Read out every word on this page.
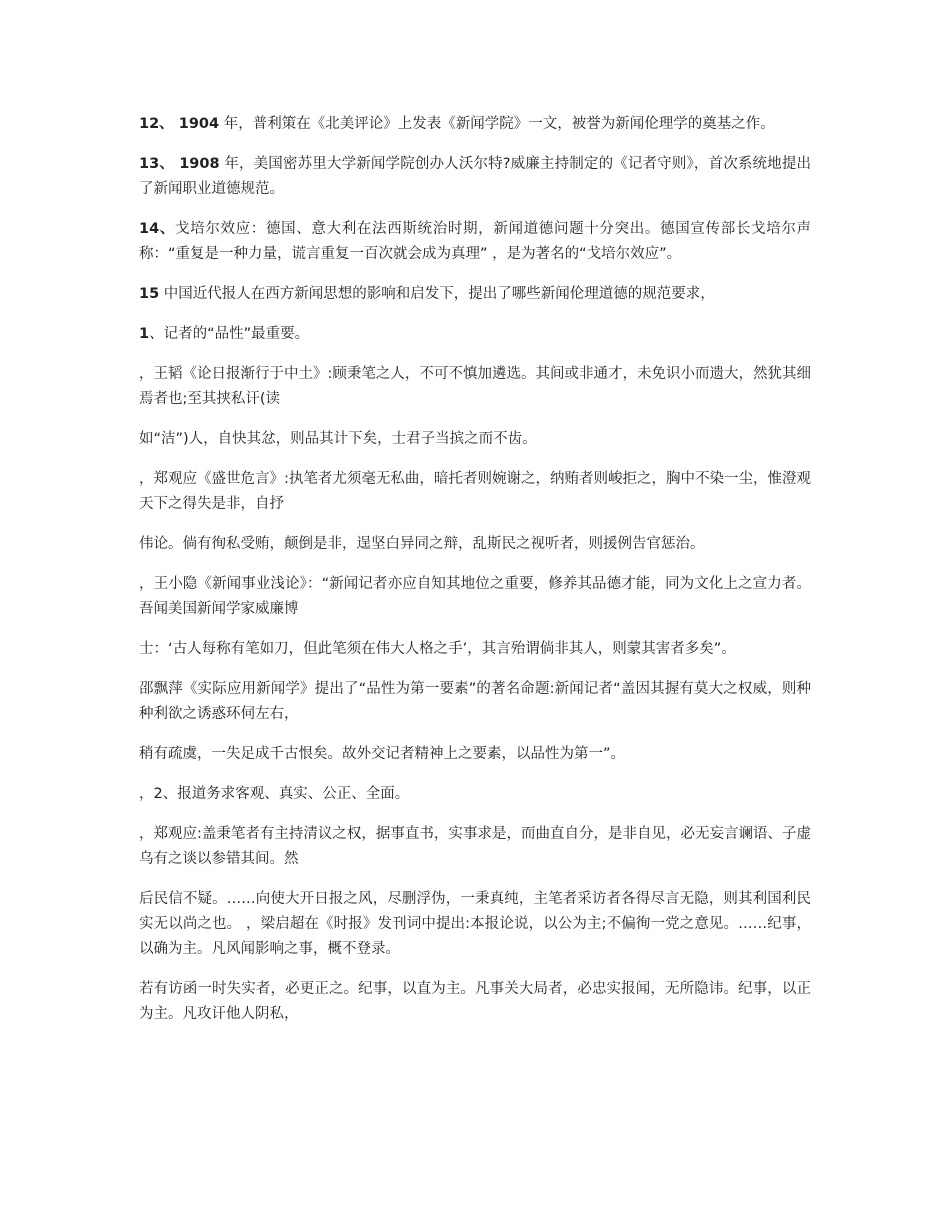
12、 1904 年，普利策在《北美评论》上发表《新闻学院》一文，被誉为新闻伦理学的奠基之作。

13、 1908 年，美国密苏里大学新闻学院创办人沃尔特?威廉主持制定的《记者守则》，首次系统地提出了新闻职业道德规范。

14、戈培尔效应：德国、意大利在法西斯统治时期，新闻道德问题十分突出。德国宣传部长戈培尔声称：“重复是一种力量，谎言重复一百次就会成为真理” ，是为著名的“戈培尔效应”。

15 中国近代报人在西方新闻思想的影响和启发下，提出了哪些新闻伦理道德的规范要求，

1、记者的“品性”最重要。

，王韬《论日报渐行于中土》:顾秉笔之人，不可不慎加遴选。其间或非通才，未免识小而遗大，然犹其细焉者也;至其挟私讦(读

如“洁”)人，自快其忿，则品其计下矣，士君子当摈之而不齿。

，郑观应《盛世危言》:执笔者尤须毫无私曲，暗托者则婉谢之，纳贿者则峻拒之，胸中不染一尘，惟澄观天下之得失是非，自抒

伟论。倘有徇私受贿，颠倒是非，逞坚白异同之辩，乱斯民之视听者，则援例告官惩治。

，王小隐《新闻事业浅论》：“新闻记者亦应自知其地位之重要，修养其品德才能，同为文化上之宣力者。吾闻美国新闻学家威廉博

士：‘古人每称有笔如刀，但此笔须在伟大人格之手’，其言殆谓倘非其人，则蒙其害者多矣”。

邵飘萍《实际应用新闻学》提出了“品性为第一要素”的著名命题:新闻记者“盖因其握有莫大之权威，则种种利欲之诱惑环伺左右，

稍有疏虞，一失足成千古恨矣。故外交记者精神上之要素，以品性为第一”。

，2、报道务求客观、真实、公正、全面。

，郑观应:盖秉笔者有主持清议之权，据事直书，实事求是，而曲直自分，是非自见，必无妄言谰语、子虚乌有之谈以参错其间。然

后民信不疑。……向使大开日报之风，尽删浮伪，一秉真纯，主笔者采访者各得尽言无隐，则其利国利民实无以尚之也。 ，梁启超在《时报》发刊词中提出:本报论说，以公为主;不偏徇一党之意见。……纪事，以确为主。凡风闻影响之事，概不登录。

若有访函一时失实者，必更正之。纪事，以直为主。凡事关大局者，必忠实报闻，无所隐讳。纪事，以正为主。凡攻讦他人阴私，
